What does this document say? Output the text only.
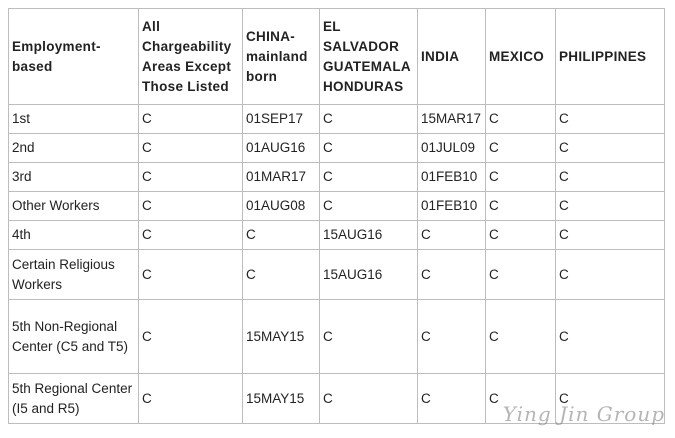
Employment-based	All Chargeability Areas Except Those Listed	CHINA-mainland born	EL SALVADOR GUATEMALA HONDURAS	INDIA	MEXICO	PHILIPPINES
1st	C	01SEP17	C	15MAR17	C	C
2nd	C	01AUG16	C	01JUL09	C	C
3rd	C	01MAR17	C	01FEB10	C	C
Other Workers	C	01AUG08	C	01FEB10	C	C
4th	C	C	15AUG16	C	C	C
Certain Religious Workers	C	C	15AUG16	C	C	C
5th Non-Regional Center (C5 and T5)	C	15MAY15	C	C	C	C
5th Regional Center (I5 and R5)	C	15MAY15	C	C	C	C
Ying Jin Group
